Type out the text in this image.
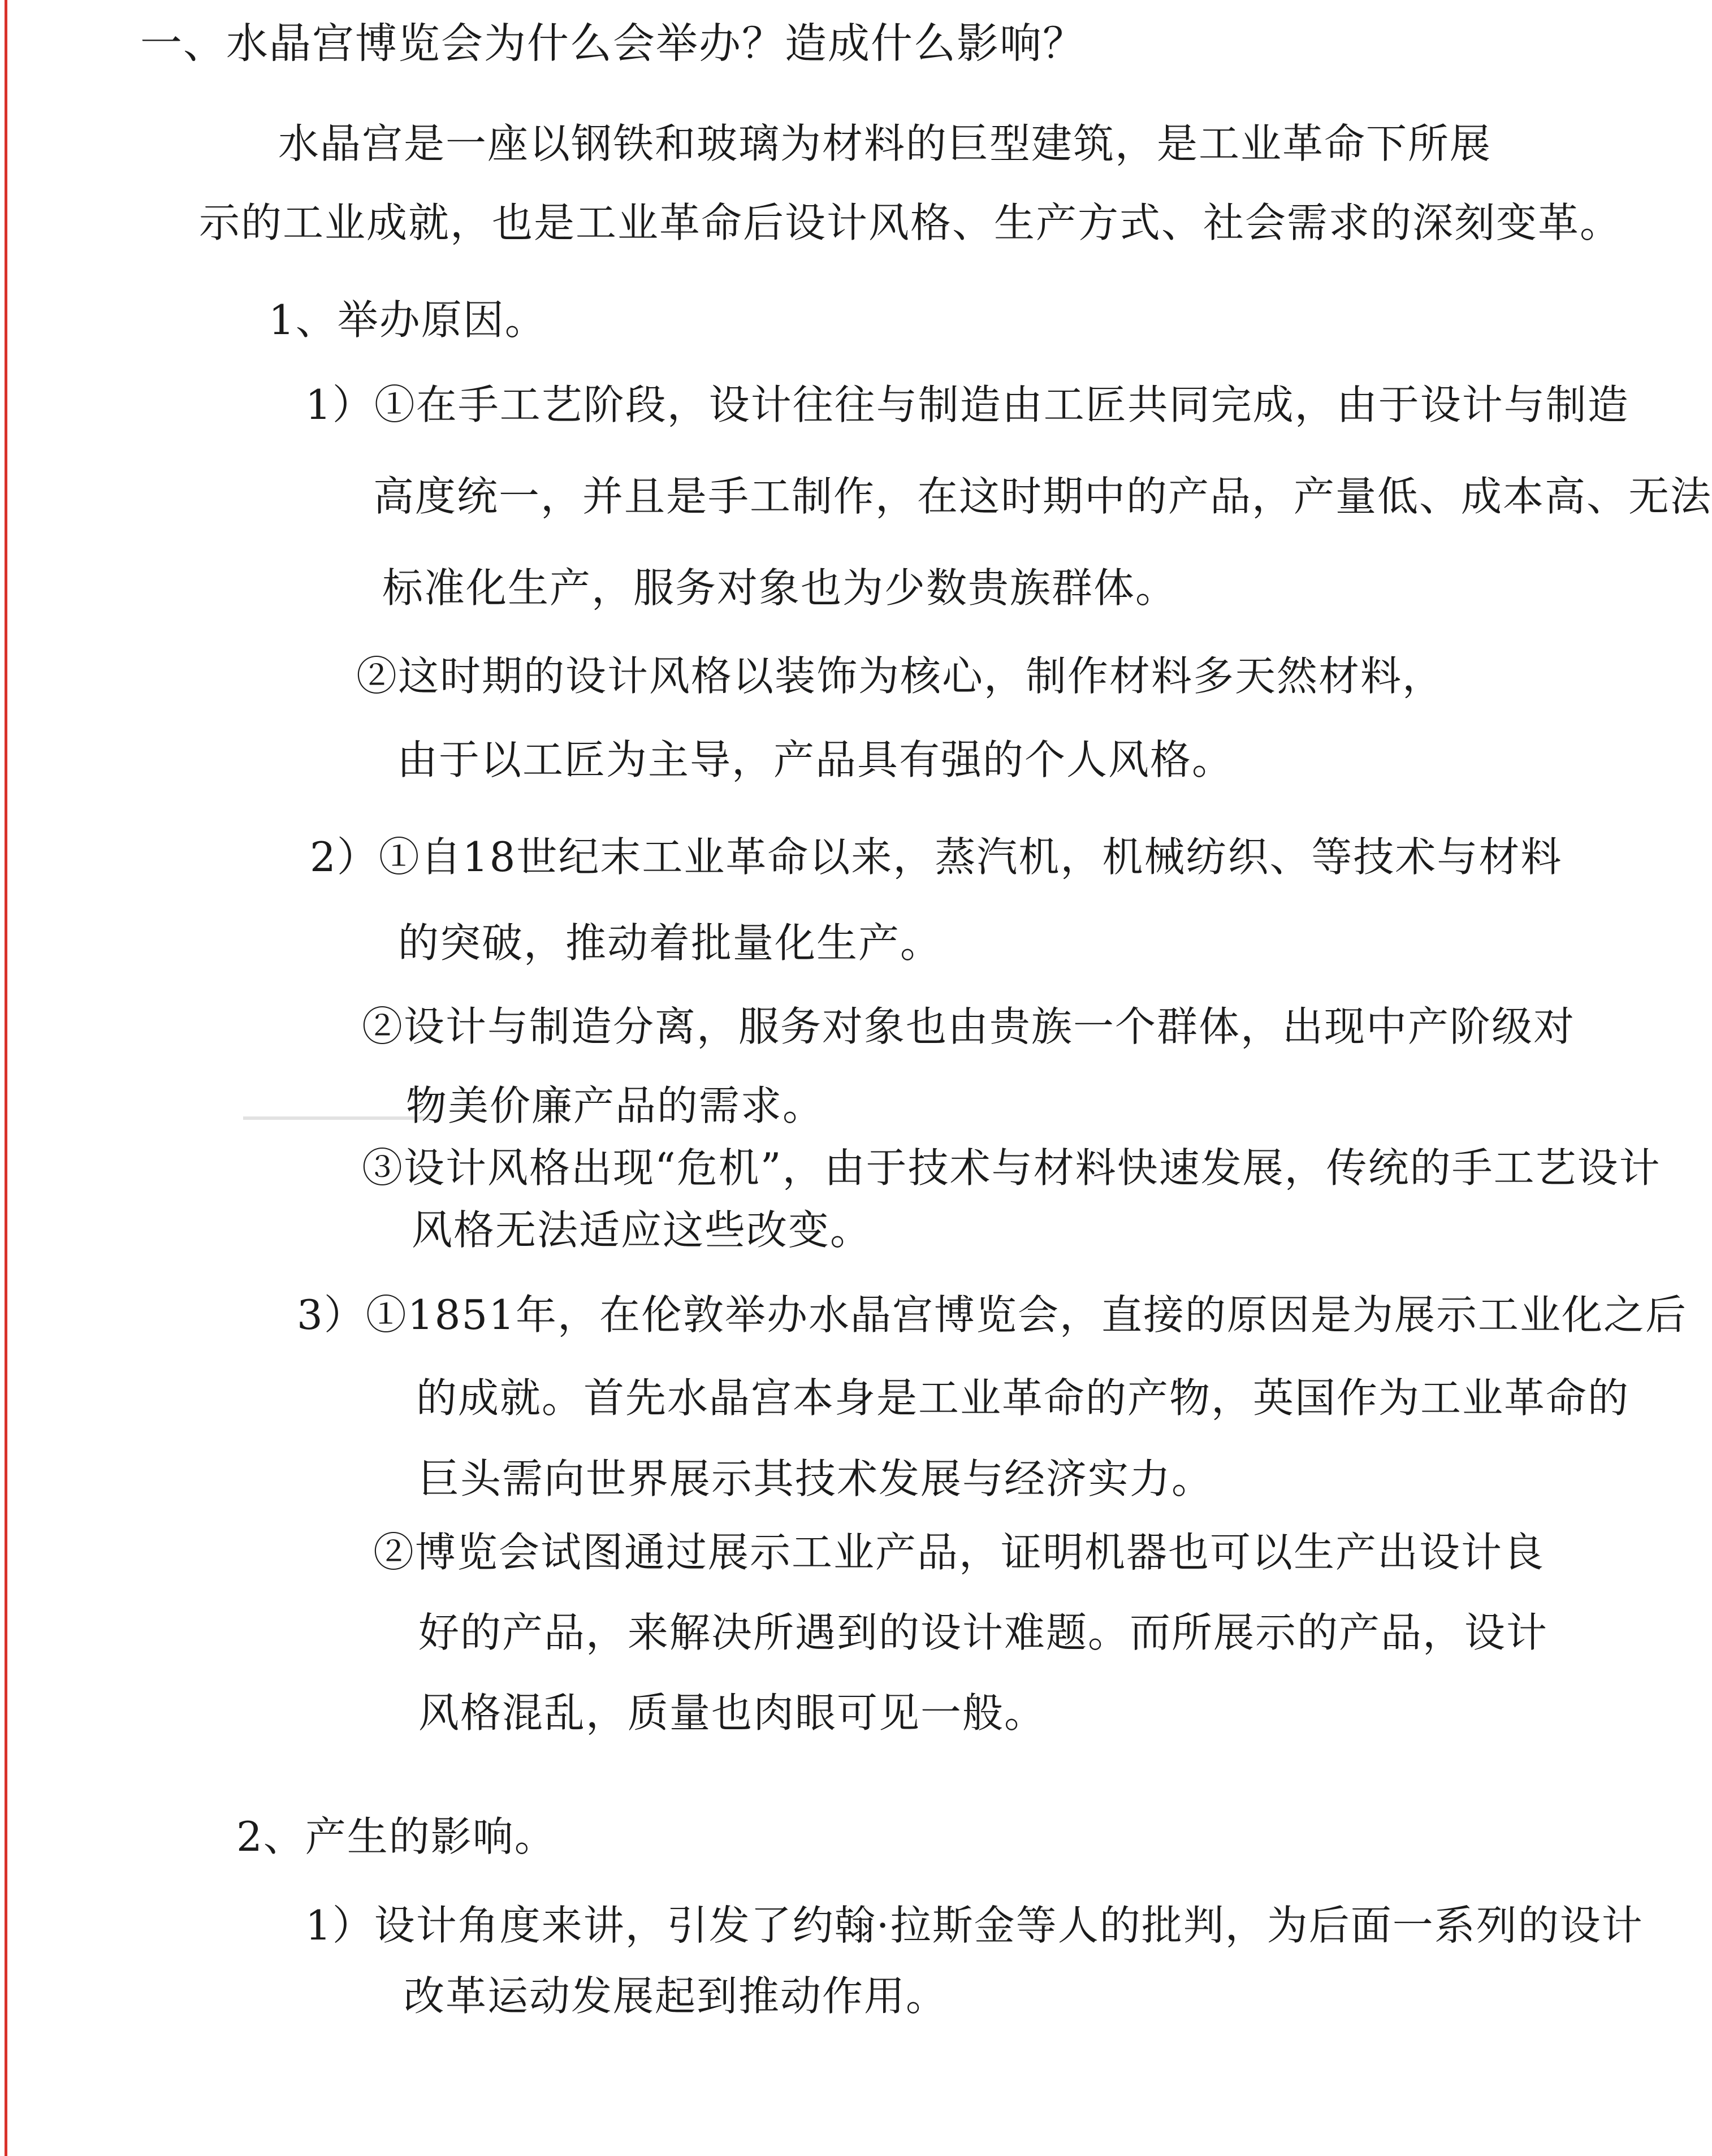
一、水晶宫博览会为什么会举办？造成什么影响？
水晶宫是一座以钢铁和玻璃为材料的巨型建筑，是工业革命下所展
示的工业成就，也是工业革命后设计风格、生产方式、社会需求的深刻变革。
1、举办原因。
1）①在手工艺阶段，设计往往与制造由工匠共同完成，由于设计与制造
高度统一，并且是手工制作，在这时期中的产品，产量低、成本高、无法
标准化生产，服务对象也为少数贵族群体。
②这时期的设计风格以装饰为核心，制作材料多天然材料，
由于以工匠为主导，产品具有强的个人风格。
2）①自18世纪末工业革命以来，蒸汽机，机械纺织、等技术与材料
的突破，推动着批量化生产。
②设计与制造分离，服务对象也由贵族一个群体，出现中产阶级对
物美价廉产品的需求。
③设计风格出现“危机”，由于技术与材料快速发展，传统的手工艺设计
风格无法适应这些改变。
3）①1851年，在伦敦举办水晶宫博览会，直接的原因是为展示工业化之后
的成就。首先水晶宫本身是工业革命的产物，英国作为工业革命的
巨头需向世界展示其技术发展与经济实力。
②博览会试图通过展示工业产品，证明机器也可以生产出设计良
好的产品，来解决所遇到的设计难题。而所展示的产品，设计
风格混乱，质量也肉眼可见一般。
2、产生的影响。
1）设计角度来讲，引发了约翰·拉斯金等人的批判，为后面一系列的设计
改革运动发展起到推动作用。
